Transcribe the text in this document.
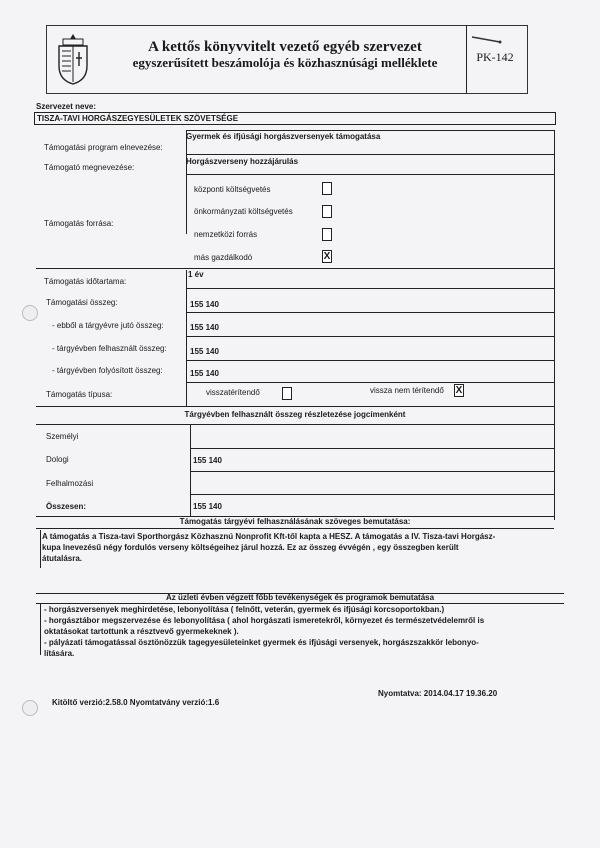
A kettős könyvvitelt vezető egyéb szervezet
egyszerűsített beszámolója és közhasznúsági melléklete	PK-142
Szervezet neve:
TISZA-TAVI HORGÁSZEGYESÜLETEK SZÖVETSÉGE
Támogatási program elnevezése:
Gyermek és ifjúsági horgászversenyek támogatása
Támogató megnevezése:
Horgászverseny hozzájárulás
Támogatás forrása:
központi költségvetés
önkormányzati költségvetés
nemzetközi forrás
más gazdálkodó	X
Támogatás időtartama:
1 év
Támogatási összeg:	155 140
- ebből a tárgyévre jutó összeg:	155 140
- tárgyévben felhasznált összeg:	155 140
- tárgyévben folyósított összeg:	155 140
Támogatás típusa:	visszatérítendő	vissza nem térítendő X
Tárgyévben felhasznált összeg részletezése jogcímenként
Személyi
Dologi	155 140
Felhalmozási
Összesen:	155 140
Támogatás tárgyévi felhasználásának szöveges bemutatása:
A támogatás a Tisza-tavi Sporthorgász Közhasznú Nonprofit Kft-től kapta a HESZ. A támogatás a IV. Tisza-tavi Horgász-
kupa lnevezésű négy fordulós verseny költségeihez járul hozzá. Ez az összeg évvégén , egy összegben került
átutalásra.
Az üzleti évben végzett főbb tevékenységek és programok bemutatása
- horgászversenyek meghirdetése, lebonyolítása ( felnőtt, veterán, gyermek és ifjúsági korcsoportokban.)
- horgásztábor megszervezése és lebonyolítása ( ahol horgászati ismeretekről, környezet és természetvédelemről is
oktatásokat tartottunk a résztvevő gyermekeknek ).
- pályázati támogatással ösztönözzük tagegyesületeinket gyermek és ifjúsági versenyek, horgászszakkör lebonyo-
lítására.
Kitöltő verzió:2.58.0 Nyomtatvány verzió:1.6
Nyomtatva: 2014.04.17 19.36.20
